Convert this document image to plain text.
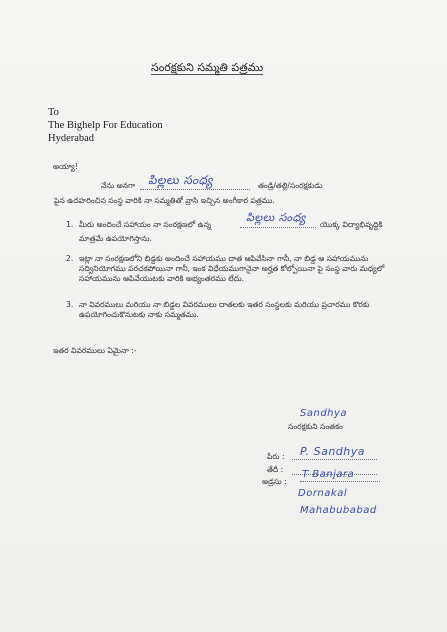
సంరక్షకుని సమ్మతి పత్రము
To
The Bighelp For Education
Hyderabad
అయ్యా!
నేను అనగా పిల్లలు సంధ్య	తండ్రి/తల్లి/సంరక్షకుడు
పైన ఉదహరించిన సంస్థ వారికి నా సమ్మతితో వ్రాసి ఇచ్చిన అంగీకార పత్రము.
1. మీరు అందించే సహాయం నా సంరక్షణలో ఉన్న
పిల్లలు సంధ్య
యొక్క విద్యాభివృద్ధికి
మాత్రమే ఉపయోగిస్తాను.
2. ఇట్లా నా సంరక్షణలోని బిడ్డకు అందించే సహాయము దాత ఆపివేసినా గానీ, నా బిడ్డ ఆ సహాయమును సద్వినియోగము పరచకపోయినా గానీ, ఇంక విధేయముగానైనా అర్హత కోల్పోయినా పై సంస్థ వారు మధ్యలో సహాయమును ఆపివేయుటకు వారికి అభ్యంతరము లేదు.
3. నా వివరములు మరియు నా బిడ్డల వివరములు దాతలకు ఇతర సంస్థలకు మరియు ప్రచారము కొరకు ఉపయోగించుకొనుటకు నాకు సమ్మతము.
ఇతర వివరములు ఏమైనా :-
Sandhya
సంరక్షకుని సంతకం
పేరు : P. Sandhya
తేదీ :
అడ్రసు :
T Banjara
Dornakal
Mahabubabad
